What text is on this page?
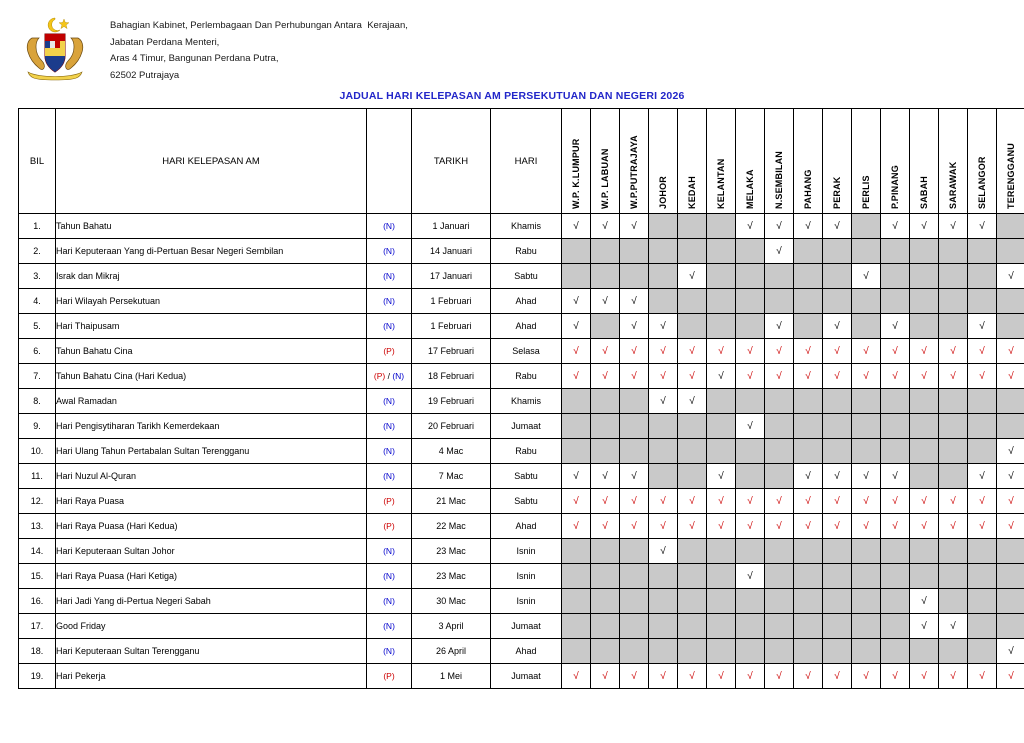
Bahagian Kabinet, Perlembagaan Dan Perhubungan Antara  Kerajaan,
Jabatan Perdana Menteri,
Aras 4 Timur, Bangunan Perdana Putra,
62502 Putrajaya
JADUAL HARI KELEPASAN AM PERSEKUTUAN DAN NEGERI 2026
BIL	HARI KELEPASAN AM		TARIKH	HARI	W.P. K.LUMPUR	W.P. LABUAN	W.P.PUTRAJAYA	JOHOR	KEDAH	KELANTAN	MELAKA	N.SEMBILAN	PAHANG	PERAK	PERLIS	P.PINANG	SABAH	SARAWAK	SELANGOR	TERENGGANU

1.	Tahun Bahatu	(N)	1 Januari	Khamis	√	√	√				√	√	√	√		√	√	√	√	
2.	Hari Keputeraan Yang di-Pertuan Besar Negeri Sembilan	(N)	14 Januari	Rabu								√								
3.	Israk dan Mikraj	(N)	17 Januari	Sabtu					√						√					√
4.	Hari Wilayah Persekutuan	(N)	1 Februari	Ahad	√	√	√													
5.	Hari Thaipusam	(N)	1 Februari	Ahad	√		√	√				√		√		√			√	
6.	Tahun Bahatu Cina	(P)	17 Februari	Selasa	√	√	√	√	√	√	√	√	√	√	√	√	√	√	√	√
7.	Tahun Bahatu Cina (Hari Kedua)	(P) / (N)	18 Februari	Rabu	√	√	√	√	√	√	√	√	√	√	√	√	√	√	√	√
8.	Awal Ramadan	(N)	19 Februari	Khamis				√	√											
9.	Hari Pengisytiharan Tarikh Kemerdekaan	(N)	20 Februari	Jumaat							√									
10.	Hari Ulang Tahun Pertabalan Sultan Terengganu	(N)	4 Mac	Rabu																√
11.	Hari Nuzul Al-Quran	(N)	7 Mac	Sabtu	√	√	√			√			√	√	√	√			√	√
12.	Hari Raya Puasa	(P)	21 Mac	Sabtu	√	√	√	√	√	√	√	√	√	√	√	√	√	√	√	√
13.	Hari Raya Puasa (Hari Kedua)	(P)	22 Mac	Ahad	√	√	√	√	√	√	√	√	√	√	√	√	√	√	√	√
14.	Hari Keputeraan Sultan Johor	(N)	23 Mac	Isnin				√												
15.	Hari Raya Puasa (Hari Ketiga)	(N)	23 Mac	Isnin							√									
16.	Hari Jadi Yang di-Pertua Negeri Sabah	(N)	30 Mac	Isnin													√			
17.	Good Friday	(N)	3 April	Jumaat													√	√		
18.	Hari Keputeraan Sultan Terengganu	(N)	26 April	Ahad																√
19.	Hari Pekerja	(P)	1 Mei	Jumaat	√	√	√	√	√	√	√	√	√	√	√	√	√	√	√	√
